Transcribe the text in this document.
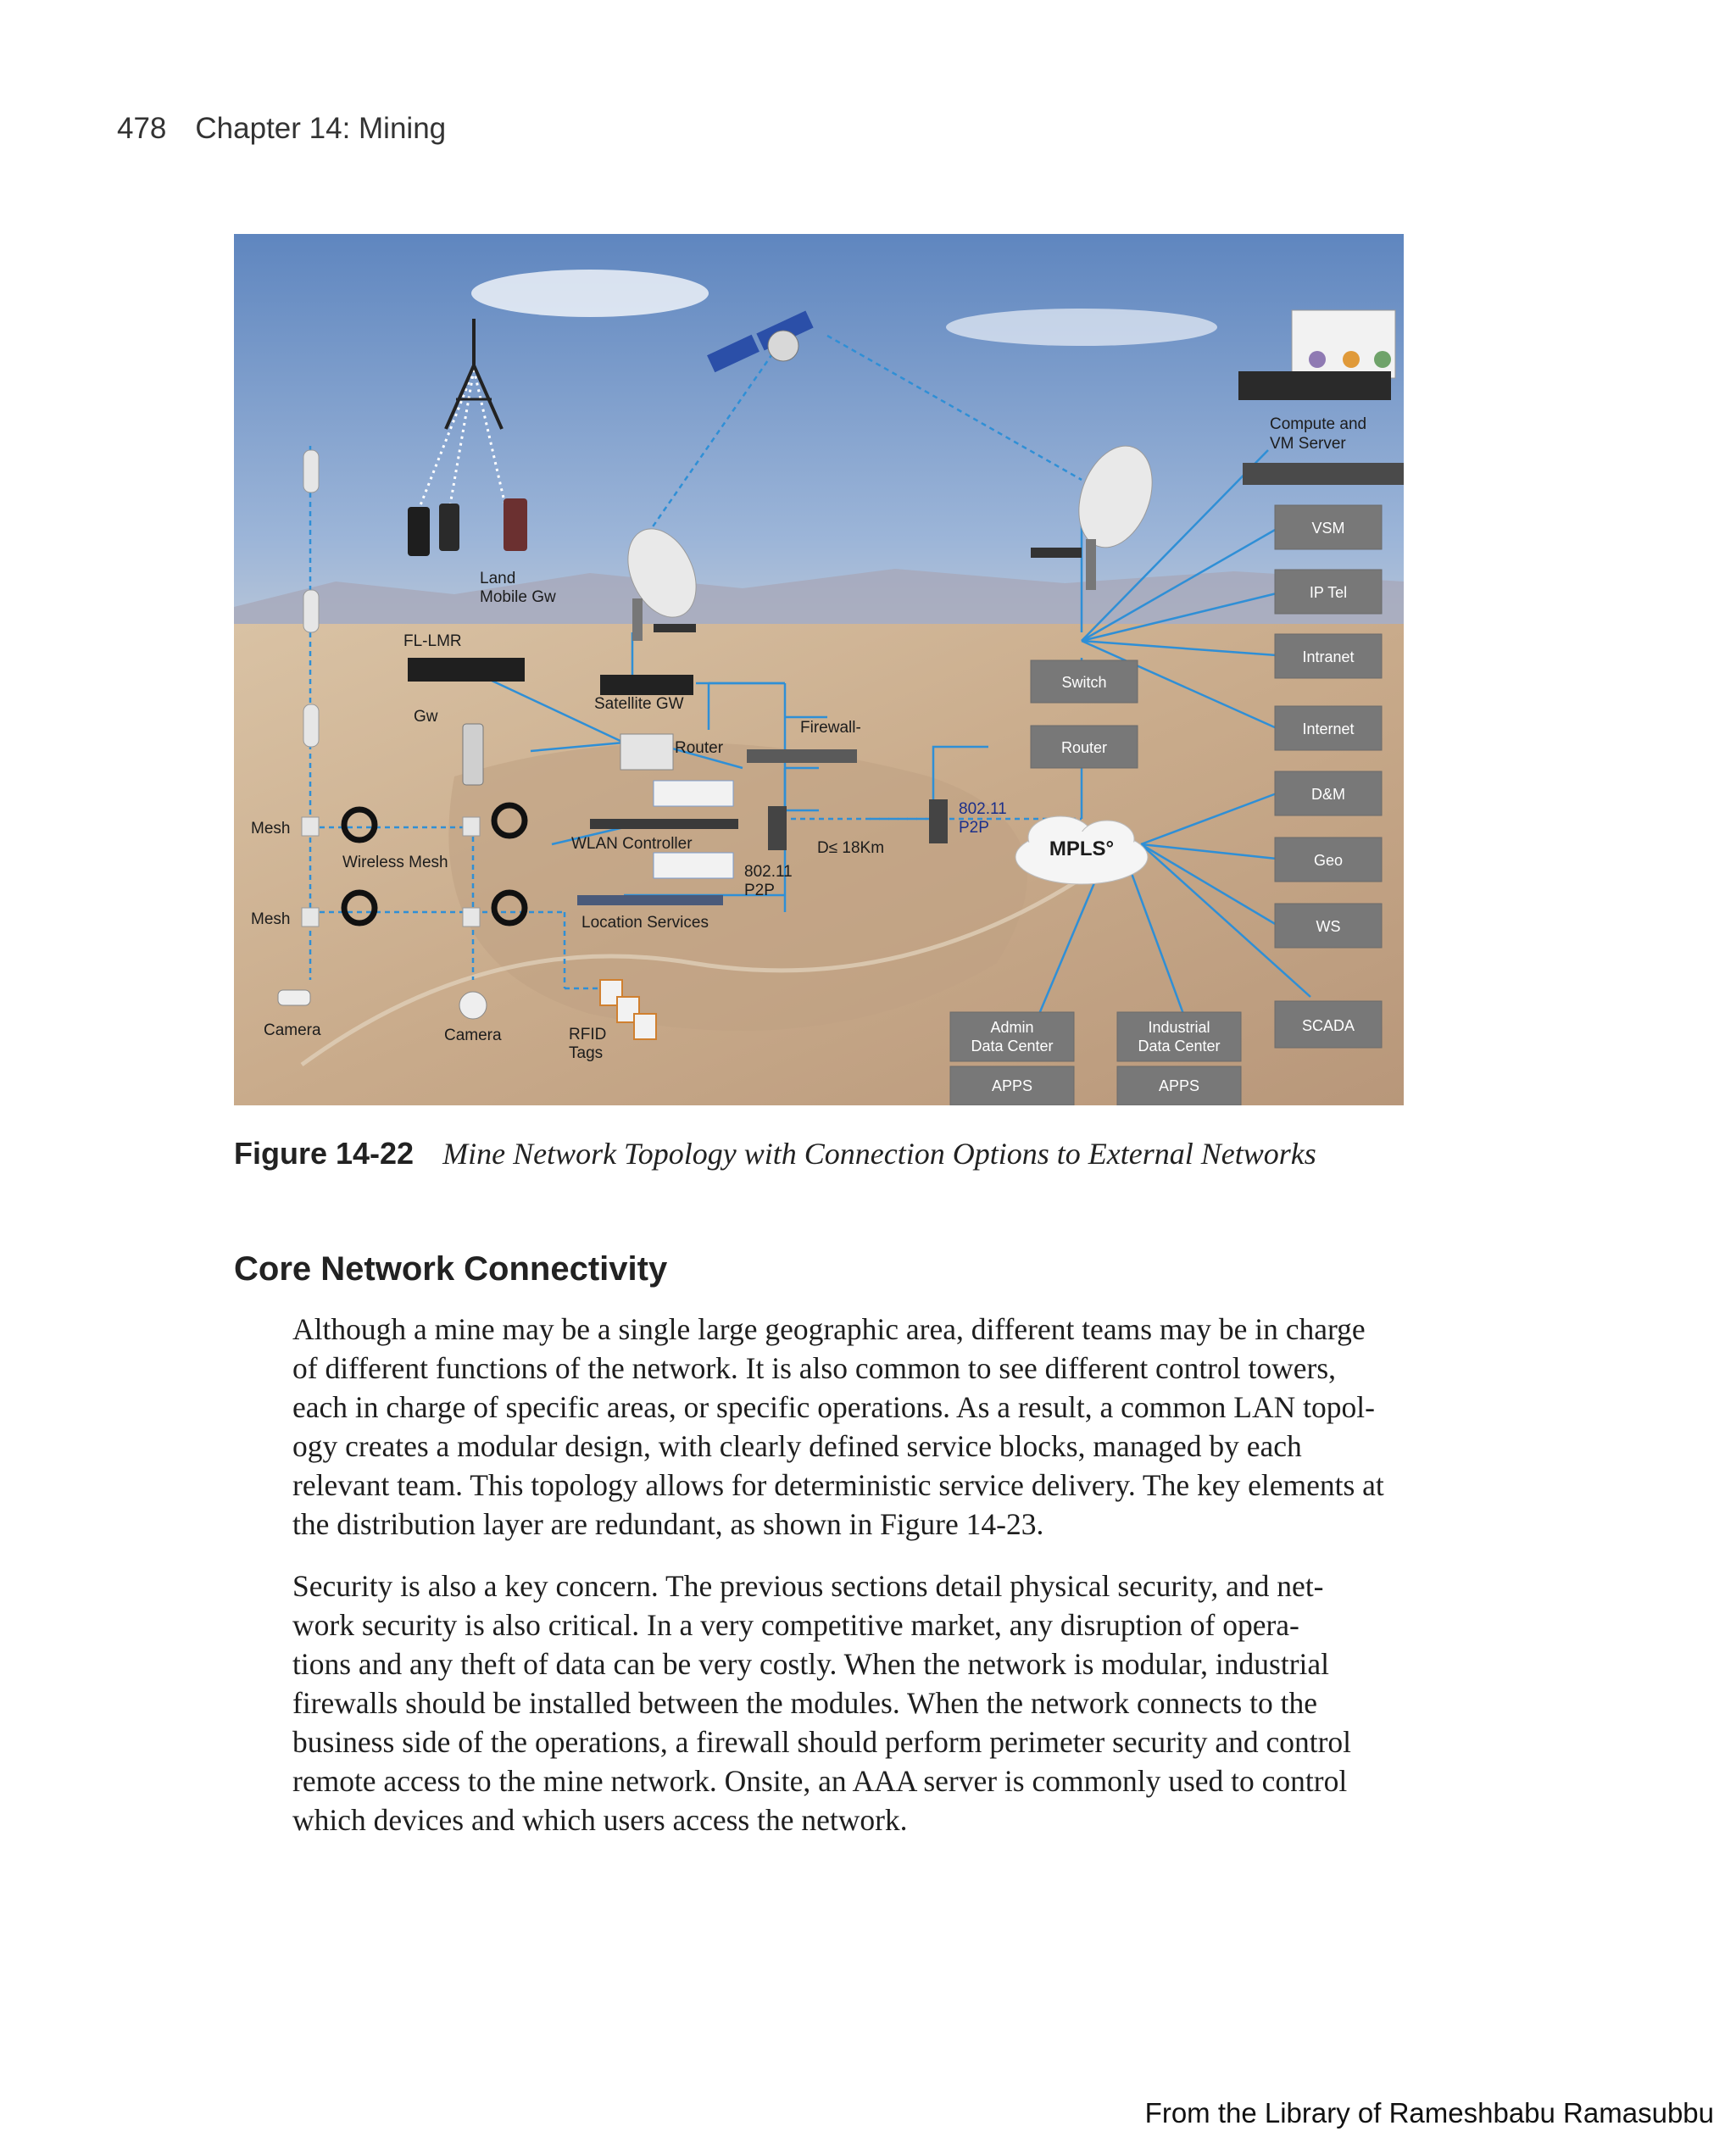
478 Chapter 14: Mining
Compute and
VM Server
VSM
IP Tel
Intranet
Internet
D&M
Geo
WS
SCADA
Switch
Router
MPLS°
Admin
Data Center
APPS
Industrial
Data Center
APPS
Land
Mobile Gw
FL-LMR
Gw
Satellite GW
Router
Firewall-
WLAN Controller
Location Services
802.11
P2P
D≤ 18Km
802.11
P2P
Mesh
Wireless Mesh
Mesh
Camera	Camera	RFID
Tags
Figure 14-22 Mine Network Topology with Connection Options to External Networks
Core Network Connectivity
Although a mine may be a single large geographic area, different teams may be in charge
of different functions of the network. It is also common to see different control towers,
each in charge of specific areas, or specific operations. As a result, a common LAN topol-
ogy creates a modular design, with clearly defined service blocks, managed by each
relevant team. This topology allows for deterministic service delivery. The key elements at
the distribution layer are redundant, as shown in Figure 14-23.
Security is also a key concern. The previous sections detail physical security, and net-
work security is also critical. In a very competitive market, any disruption of opera-
tions and any theft of data can be very costly. When the network is modular, industrial
firewalls should be installed between the modules. When the network connects to the
business side of the operations, a firewall should perform perimeter security and control
remote access to the mine network. Onsite, an AAA server is commonly used to control
which devices and which users access the network.
From the Library of Rameshbabu Ramasubbu
